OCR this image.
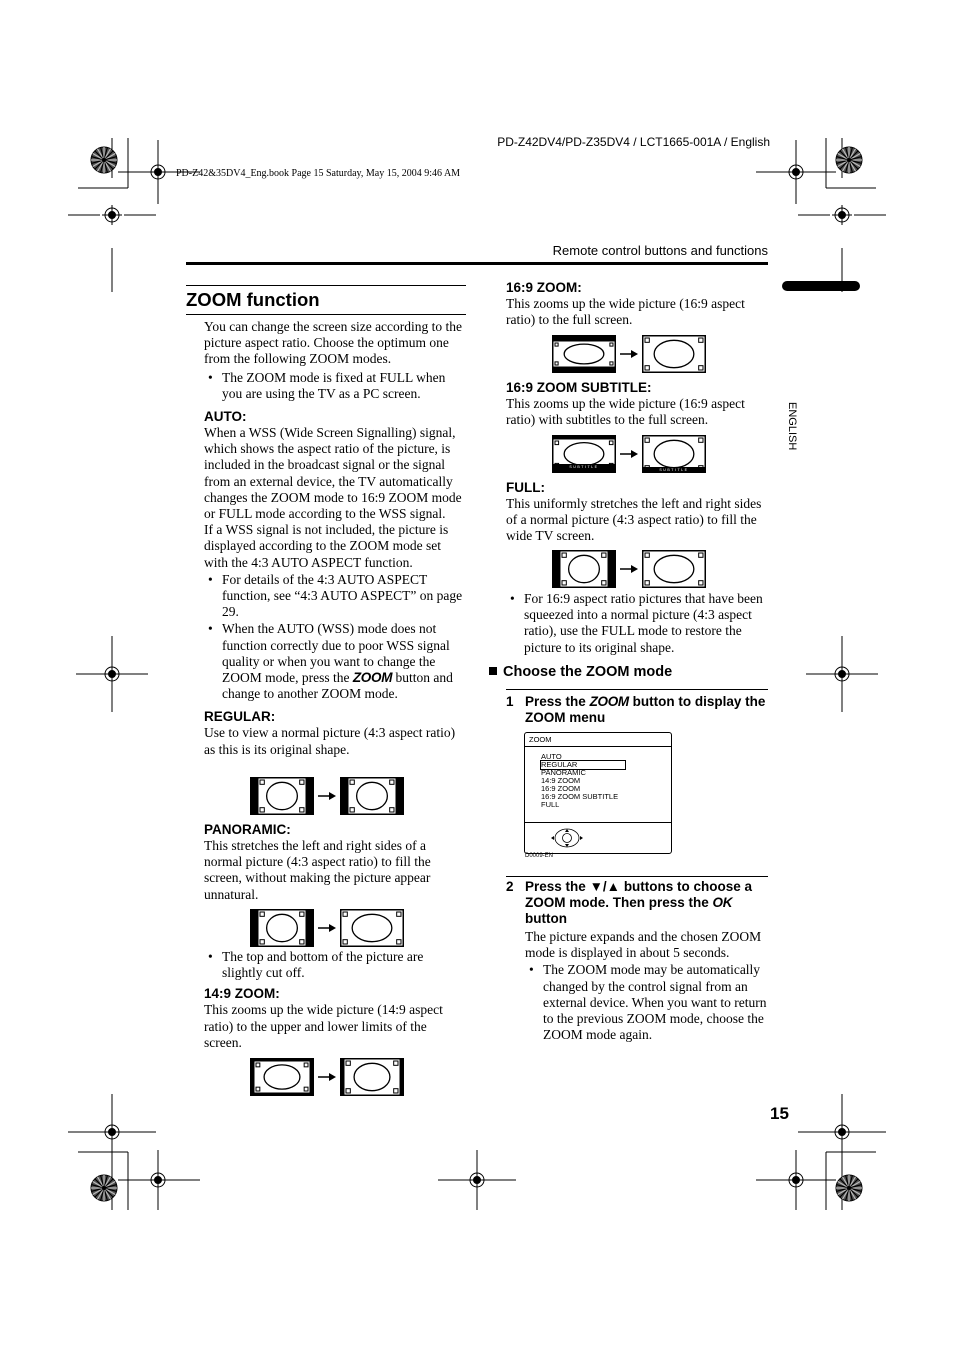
PD-Z42DV4/PD-Z35DV4 / LCT1665-001A / English
PD-Z42&35DV4_Eng.book Page 15 Saturday, May 15, 2004 9:46 AM
Remote control buttons and functions
ENGLISH
ZOOM function
You can change the screen size according to the picture aspect ratio. Choose the optimum one from the following ZOOM modes.
• The ZOOM mode is fixed at FULL when you are using the TV as a PC screen.
AUTO:
When a WSS (Wide Screen Signalling) signal, which shows the aspect ratio of the picture, is included in the broadcast signal or the signal from an external device, the TV automatically changes the ZOOM mode to 16:9 ZOOM mode or FULL mode according to the WSS signal.
If a WSS signal is not included, the picture is displayed according to the ZOOM mode set with the 4:3 AUTO ASPECT function.
• For details of the 4:3 AUTO ASPECT function, see “4:3 AUTO ASPECT” on page 29.
• When the AUTO (WSS) mode does not function correctly due to poor WSS signal quality or when you want to change the ZOOM mode, press the ZOOM button and change to another ZOOM mode.
REGULAR:
Use to view a normal picture (4:3 aspect ratio) as this is its original shape.
PANORAMIC:
This stretches the left and right sides of a normal picture (4:3 aspect ratio) to fill the screen, without making the picture appear unnatural.
• The top and bottom of the picture are slightly cut off.
14:9 ZOOM:
This zooms up the wide picture (14:9 aspect ratio) to the upper and lower limits of the screen.
16:9 ZOOM:
This zooms up the wide picture (16:9 aspect ratio) to the full screen.
16:9 ZOOM SUBTITLE:
This zooms up the wide picture (16:9 aspect ratio) with subtitles to the full screen.
SUBTITLE
SUBTITLE
FULL:
This uniformly stretches the left and right sides of a normal picture (4:3 aspect ratio) to fill the wide TV screen.
• For 16:9 aspect ratio pictures that have been squeezed into a normal picture (4:3 aspect ratio), use the FULL mode to restore the picture to its original shape.
Choose the ZOOM mode
1 Press the ZOOM button to display the ZOOM menu
ZOOM
AUTO
REGULAR
PANORAMIC
14:9 ZOOM
16:9 ZOOM
16:9 ZOOM SUBTITLE
FULL
D0009-EN
2 Press the ▼/▲ buttons to choose a ZOOM mode. Then press the OK button
The picture expands and the chosen ZOOM mode is displayed in about 5 seconds.
• The ZOOM mode may be automatically changed by the control signal from an external device. When you want to return to the previous ZOOM mode, choose the ZOOM mode again.
15
